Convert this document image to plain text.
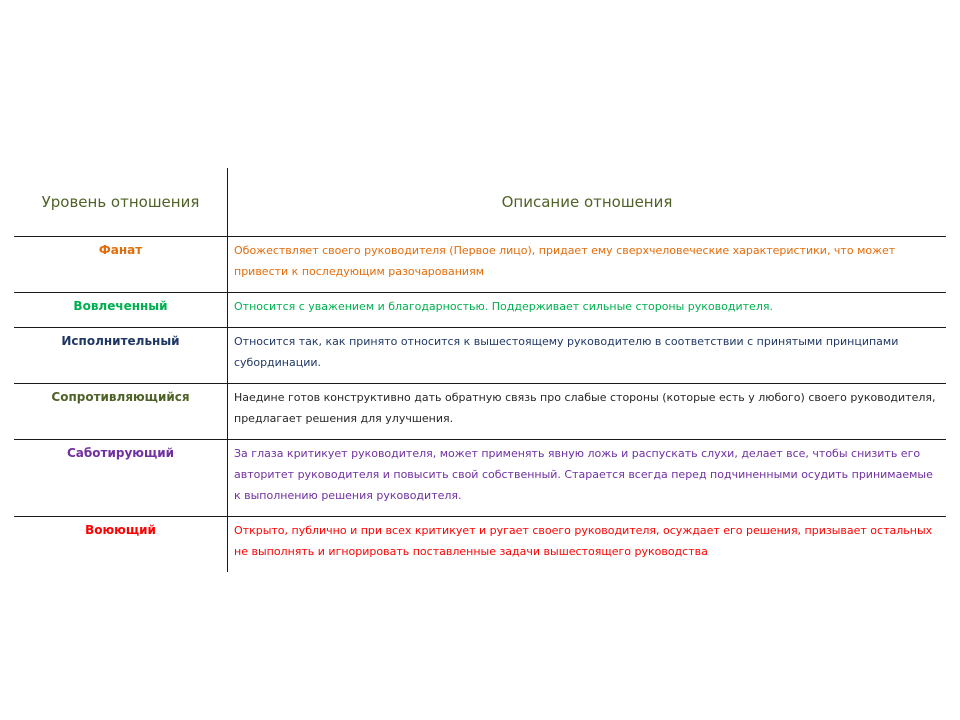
Уровень отношения	Описание отношения
Фанат	Обожествляет своего руководителя (Первое лицо), придает ему сверхчеловеческие характеристики, что может привести к последующим разочарованиям
Вовлеченный	Относится с уважением и благодарностью. Поддерживает сильные стороны руководителя.
Исполнительный	Относится так, как принято относится к вышестоящему руководителю в соответствии с принятыми принципами субординации.
Сопротивляющийся	Наедине готов конструктивно дать обратную связь про слабые стороны (которые есть у любого) своего руководителя, предлагает решения для улучшения.
Саботирующий	За глаза критикует руководителя, может применять явную ложь и распускать слухи, делает все, чтобы снизить его авторитет руководителя и повысить свой собственный. Старается всегда перед подчиненными осудить принимаемые к выполнению решения руководителя.
Воюющий	Открыто, публично и при всех критикует и ругает своего руководителя, осуждает его решения, призывает остальных не выполнять и игнорировать поставленные задачи вышестоящего руководства
